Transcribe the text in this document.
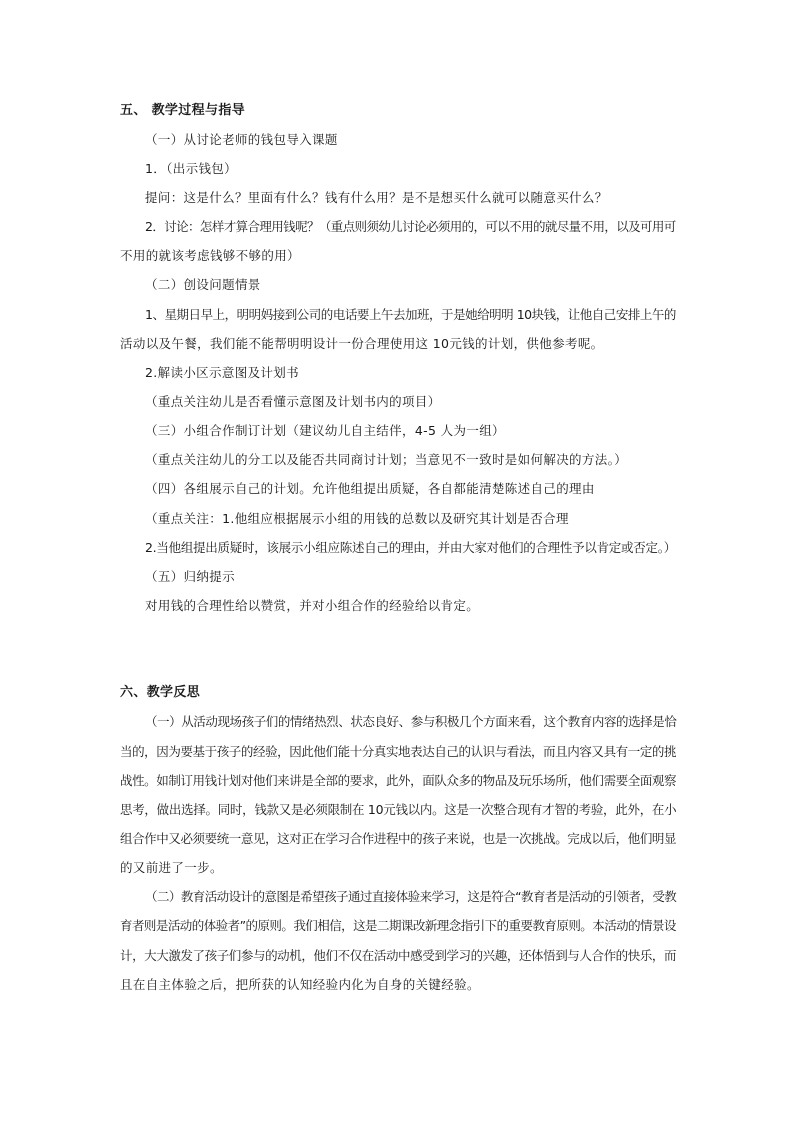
五、 教学过程与指导
（一）从讨论老师的钱包导入课题
1．（出示钱包）
提问：这是什么？里面有什么？钱有什么用？是不是想买什么就可以随意买什么？
2．讨论：怎样才算合理用钱呢？（重点则须幼儿讨论必须用的，可以不用的就尽量不用，以及可用可
不用的就该考虑钱够不够的用）
（二）创设问题情景
1、星期日早上，明明妈接到公司的电话要上午去加班，于是她给明明 10块钱，让他自己安排上午的
活动以及午餐，我们能不能帮明明设计一份合理使用这 10元钱的计划，供他参考呢。
2.解读小区示意图及计划书
（重点关注幼儿是否看懂示意图及计划书内的项目）
（三）小组合作制订计划（建议幼儿自主结伴，4-5 人为一组）
（重点关注幼儿的分工以及能否共同商讨计划；当意见不一致时是如何解决的方法。）
（四）各组展示自己的计划。允许他组提出质疑，各自都能清楚陈述自己的理由
（重点关注：1.他组应根据展示小组的用钱的总数以及研究其计划是否合理
2.当他组提出质疑时，该展示小组应陈述自己的理由，并由大家对他们的合理性予以肯定或否定。）
（五）归纳提示
对用钱的合理性给以赞赏，并对小组合作的经验给以肯定。
六、教学反思
（一）从活动现场孩子们的情绪热烈、状态良好、参与积极几个方面来看，这个教育内容的选择是恰
当的，因为要基于孩子的经验，因此他们能十分真实地表达自己的认识与看法，而且内容又具有一定的挑
战性。如制订用钱计划对他们来讲是全部的要求，此外，面队众多的物品及玩乐场所，他们需要全面观察
思考，做出选择。同时，钱款又是必须限制在 10元钱以内。这是一次整合现有才智的考验，此外，在小
组合作中又必须要统一意见，这对正在学习合作进程中的孩子来说，也是一次挑战。完成以后，他们明显
的又前进了一步。
（二）教育活动设计的意图是希望孩子通过直接体验来学习，这是符合“教育者是活动的引领者，受教
育者则是活动的体验者”的原则。我们相信，这是二期课改新理念指引下的重要教育原则。本活动的情景设
计，大大激发了孩子们参与的动机，他们不仅在活动中感受到学习的兴趣，还体悟到与人合作的快乐，而
且在自主体验之后，把所获的认知经验内化为自身的关键经验。
